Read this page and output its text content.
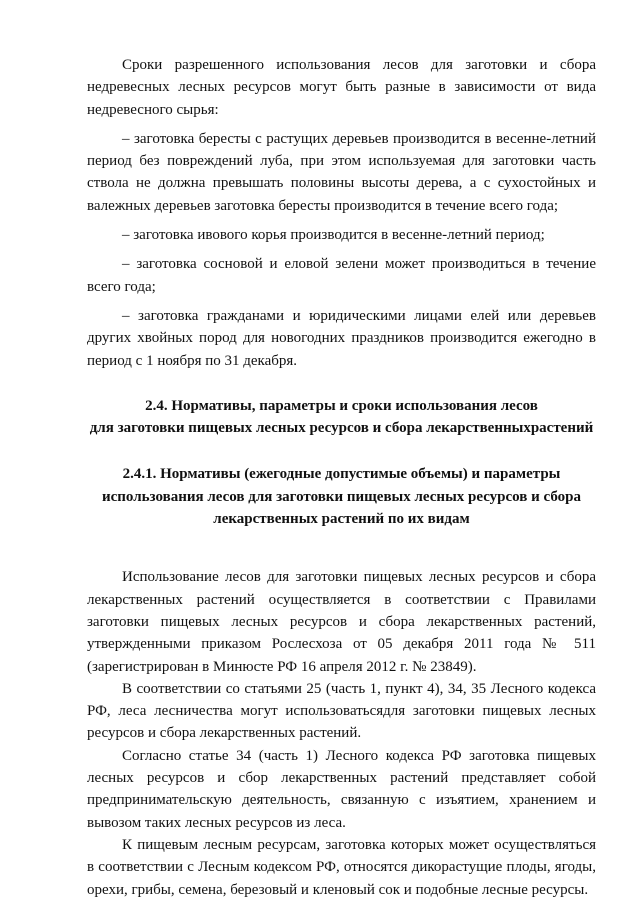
Сроки разрешенного использования лесов для заготовки и сбора недревесных лесных ресурсов могут быть разные в зависимости от вида недревесного сырья:

– заготовка бересты с растущих деревьев производится в весенне-летний период без повреждений луба, при этом используемая для заготовки часть ствола не должна превышать половины высоты дерева, а с сухостойных и валежных деревьев заготовка бересты производится в течение всего года;

– заготовка ивового корья производится в весенне-летний период;

– заготовка сосновой и еловой зелени может производиться в течение всего года;

– заготовка гражданами и юридическими лицами елей или деревьев других хвойных пород для новогодних праздников производится ежегодно в период с 1 ноября по 31 декабря.

2.4. Нормативы, параметры и сроки использования лесов

для заготовки пищевых лесных ресурсов и сбора лекарственныхрастений

2.4.1. Нормативы (ежегодные допустимые объемы) и параметры

использования лесов для заготовки пищевых лесных ресурсов и сбора

лекарственных растений по их видам

Использование лесов для заготовки пищевых лесных ресурсов и сбора лекарственных растений осуществляется в соответствии с Правилами заготовки пищевых лесных ресурсов и сбора лекарственных растений, утвержденными приказом Рослесхоза от 05 декабря 2011 года № 511 (зарегистрирован в Минюсте РФ 16 апреля 2012 г. № 23849).

В соответствии со статьями 25 (часть 1, пункт 4), 34, 35 Лесного кодекса РФ, леса лесничества могут использоватьсядля заготовки пищевых лесных ресурсов и сбора лекарственных растений.

Согласно статье 34 (часть 1) Лесного кодекса РФ заготовка пищевых лесных ресурсов и сбор лекарственных растений представляет собой предпринимательскую деятельность, связанную с изъятием, хранением и вывозом таких лесных ресурсов из леса.

К пищевым лесным ресурсам, заготовка которых может осуществляться в соответствии с Лесным кодексом РФ, относятся дикорастущие плоды, ягоды, орехи, грибы, семена, березовый и кленовый сок и подобные лесные ресурсы.
